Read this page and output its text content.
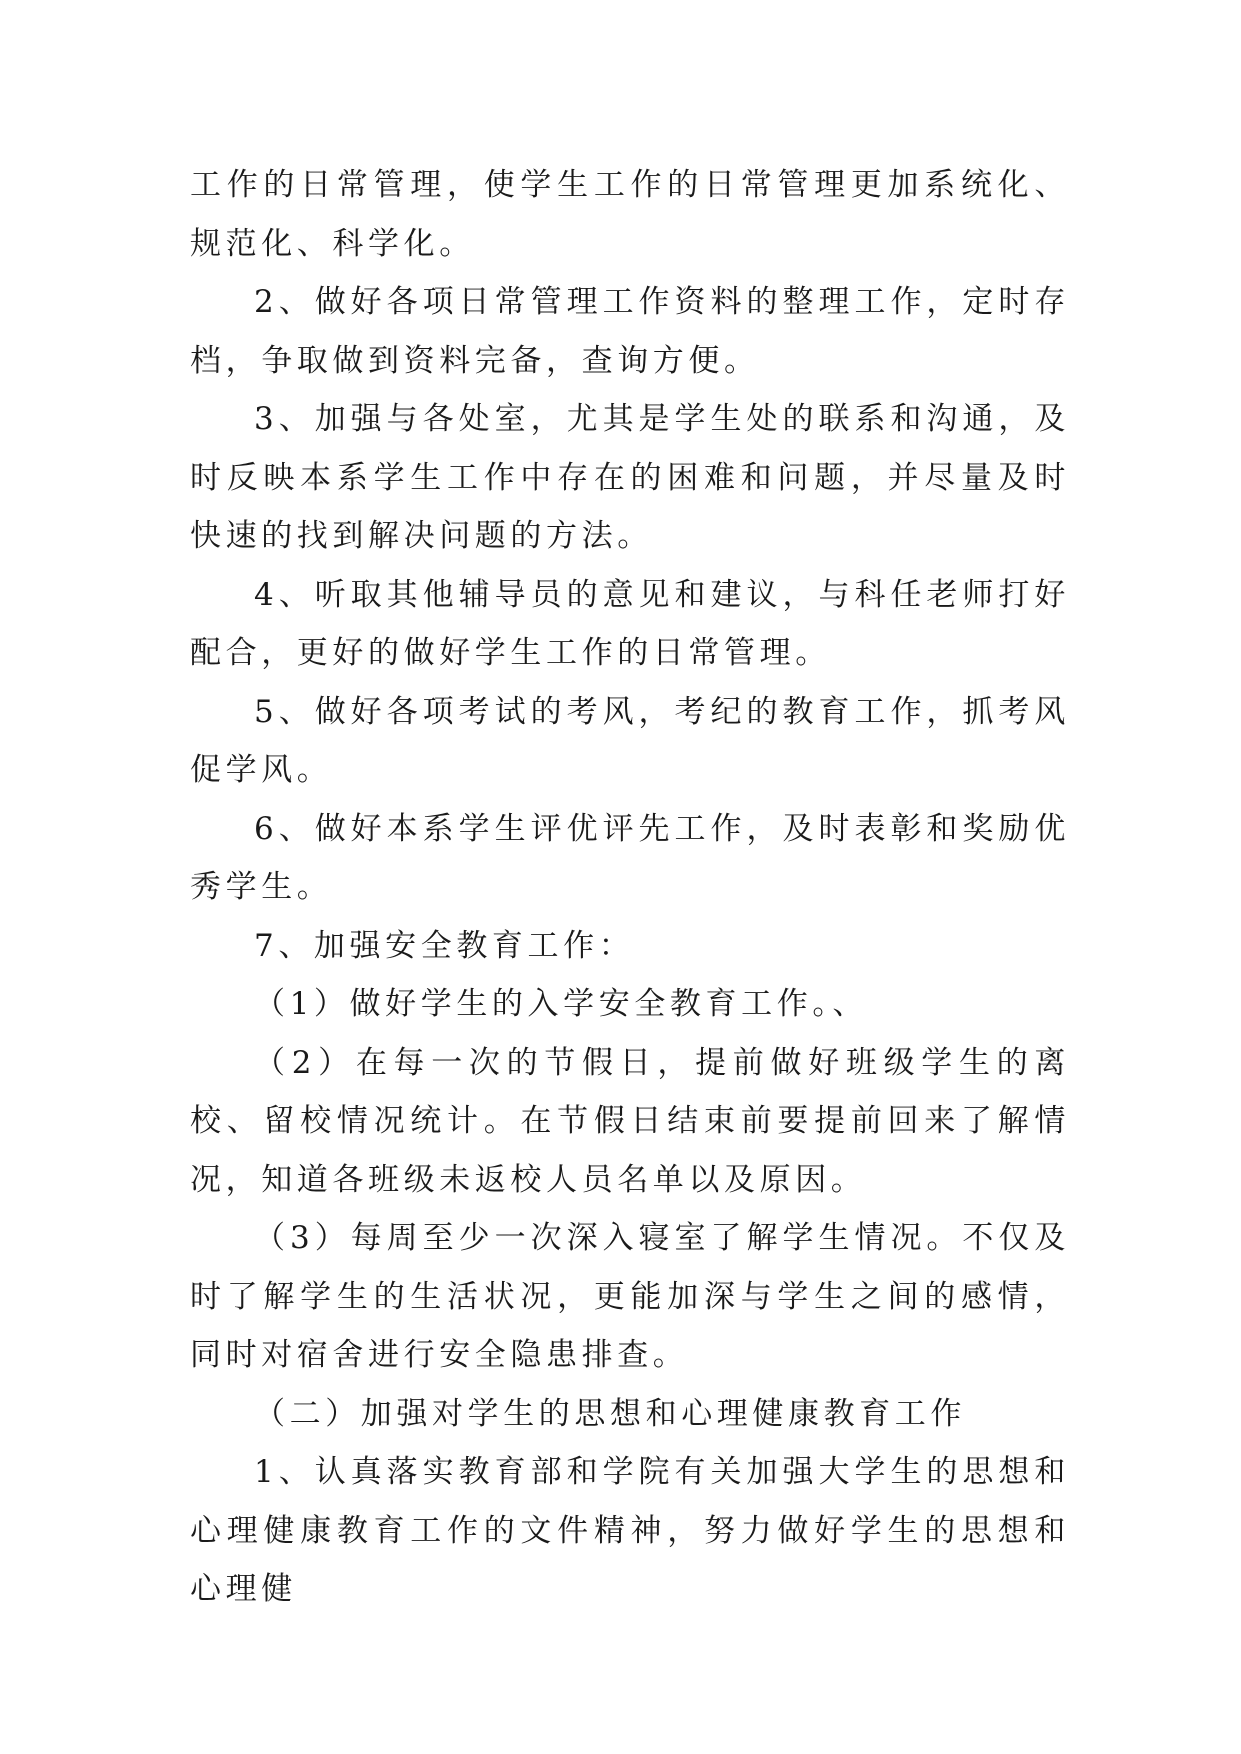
工作的日常管理，使学生工作的日常管理更加系统化、规范化、科学化。

2、做好各项日常管理工作资料的整理工作，定时存档，争取做到资料完备，查询方便。

3、加强与各处室，尤其是学生处的联系和沟通，及时反映本系学生工作中存在的困难和问题，并尽量及时快速的找到解决问题的方法。

4、听取其他辅导员的意见和建议，与科任老师打好配合，更好的做好学生工作的日常管理。

5、做好各项考试的考风，考纪的教育工作，抓考风促学风。

6、做好本系学生评优评先工作，及时表彰和奖励优秀学生。

7、加强安全教育工作：

（1）做好学生的入学安全教育工作。、

（2）在每一次的节假日，提前做好班级学生的离校、留校情况统计。在节假日结束前要提前回来了解情况，知道各班级未返校人员名单以及原因。

（3）每周至少一次深入寝室了解学生情况。不仅及时了解学生的生活状况，更能加深与学生之间的感情，同时对宿舍进行安全隐患排查。

（二）加强对学生的思想和心理健康教育工作

1、认真落实教育部和学院有关加强大学生的思想和心理健康教育工作的文件精神，努力做好学生的思想和心理健
